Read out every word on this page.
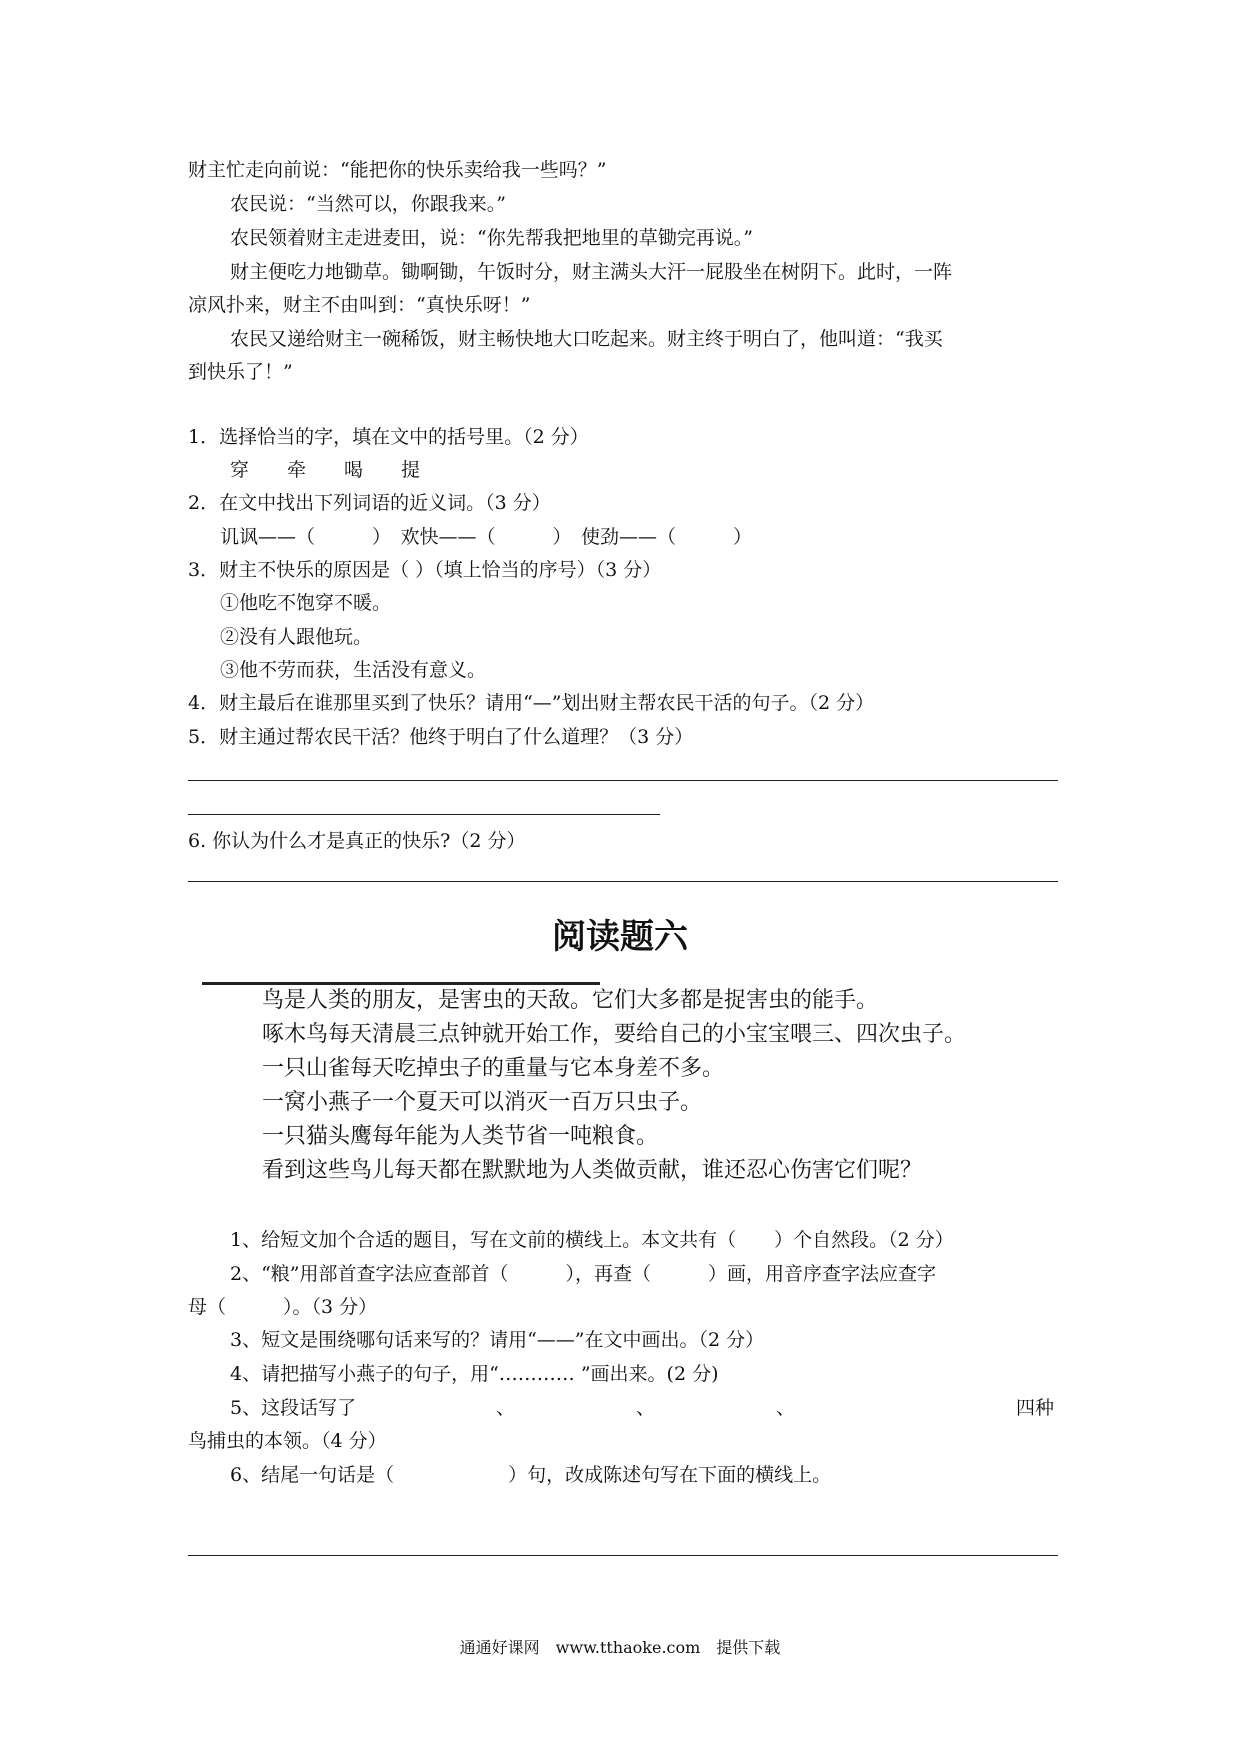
财主忙走向前说：“能把你的快乐卖给我一些吗？”
农民说：“当然可以，你跟我来。”
农民领着财主走进麦田，说：“你先帮我把地里的草锄完再说。”
财主便吃力地锄草。锄啊锄，午饭时分，财主满头大汗一屁股坐在树阴下。此时，一阵
凉风扑来，财主不由叫到：“真快乐呀！”
农民又递给财主一碗稀饭，财主畅快地大口吃起来。财主终于明白了，他叫道：“我买
到快乐了！”
1．选择恰当的字，填在文中的括号里。（2 分）
穿　　牵　　喝　　提
2．在文中找出下列词语的近义词。（3 分）
讥讽——（　　　）　欢快——（　　　）　使劲——（　　　）
3．财主不快乐的原因是（ ）（填上恰当的序号）（3 分）
①他吃不饱穿不暖。
②没有人跟他玩。
③他不劳而获，生活没有意义。
4．财主最后在谁那里买到了快乐？请用“—”划出财主帮农民干活的句子。（2 分）
5．财主通过帮农民干活？他终于明白了什么道理？（3 分）
6. 你认为什么才是真正的快乐?（2 分）
阅读题六
鸟是人类的朋友，是害虫的天敌。它们大多都是捉害虫的能手。
啄木鸟每天清晨三点钟就开始工作，要给自己的小宝宝喂三、四次虫子。
一只山雀每天吃掉虫子的重量与它本身差不多。
一窝小燕子一个夏天可以消灭一百万只虫子。
一只猫头鹰每年能为人类节省一吨粮食。
看到这些鸟儿每天都在默默地为人类做贡献，谁还忍心伤害它们呢？
1、给短文加个合适的题目，写在文前的横线上。本文共有（　　）个自然段。（2 分）
2、“粮”用部首查字法应查部首（　　　），再查（　　　）画，用音序查字法应查字
母（　　　）。（3 分）
3、短文是围绕哪句话来写的？请用“——”在文中画出。（2 分）
4、请把描写小燕子的句子，用“………… ”画出来。(2 分)
5、这段话写了	、	、	、	四种
鸟捕虫的本领。（4 分）
6、结尾一句话是（　　　　　　）句，改成陈述句写在下面的横线上。
通通好课网　www.tthaoke.com　提供下载
